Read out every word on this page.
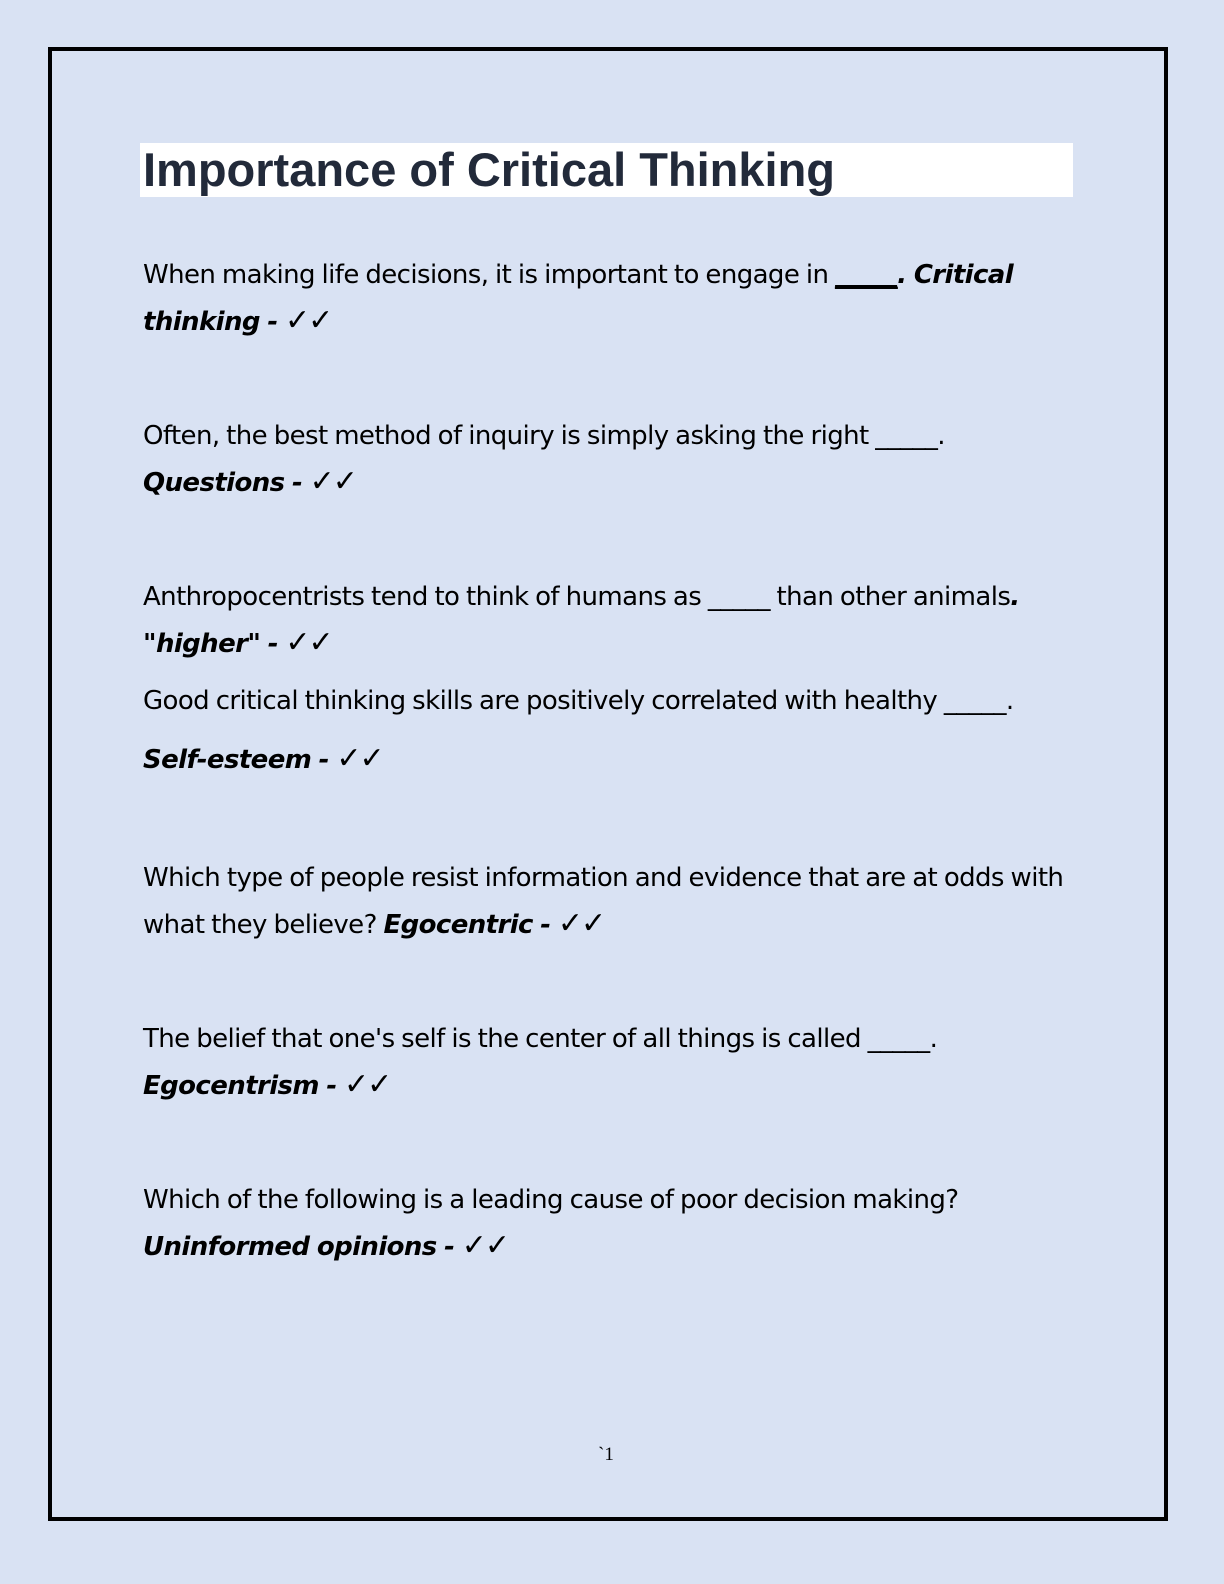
Importance of Critical Thinking

When making life decisions, it is important to engage in _____. Critical thinking - ✓✓

Often, the best method of inquiry is simply asking the right _____. Questions - ✓✓

Anthropocentrists tend to think of humans as _____ than other animals. "higher" - ✓✓

Good critical thinking skills are positively correlated with healthy _____.
Self-esteem - ✓✓

Which type of people resist information and evidence that are at odds with what they believe? Egocentric - ✓✓

The belief that one's self is the center of all things is called _____. Egocentrism - ✓✓

Which of the following is a leading cause of poor decision making? Uninformed opinions - ✓✓

`1
